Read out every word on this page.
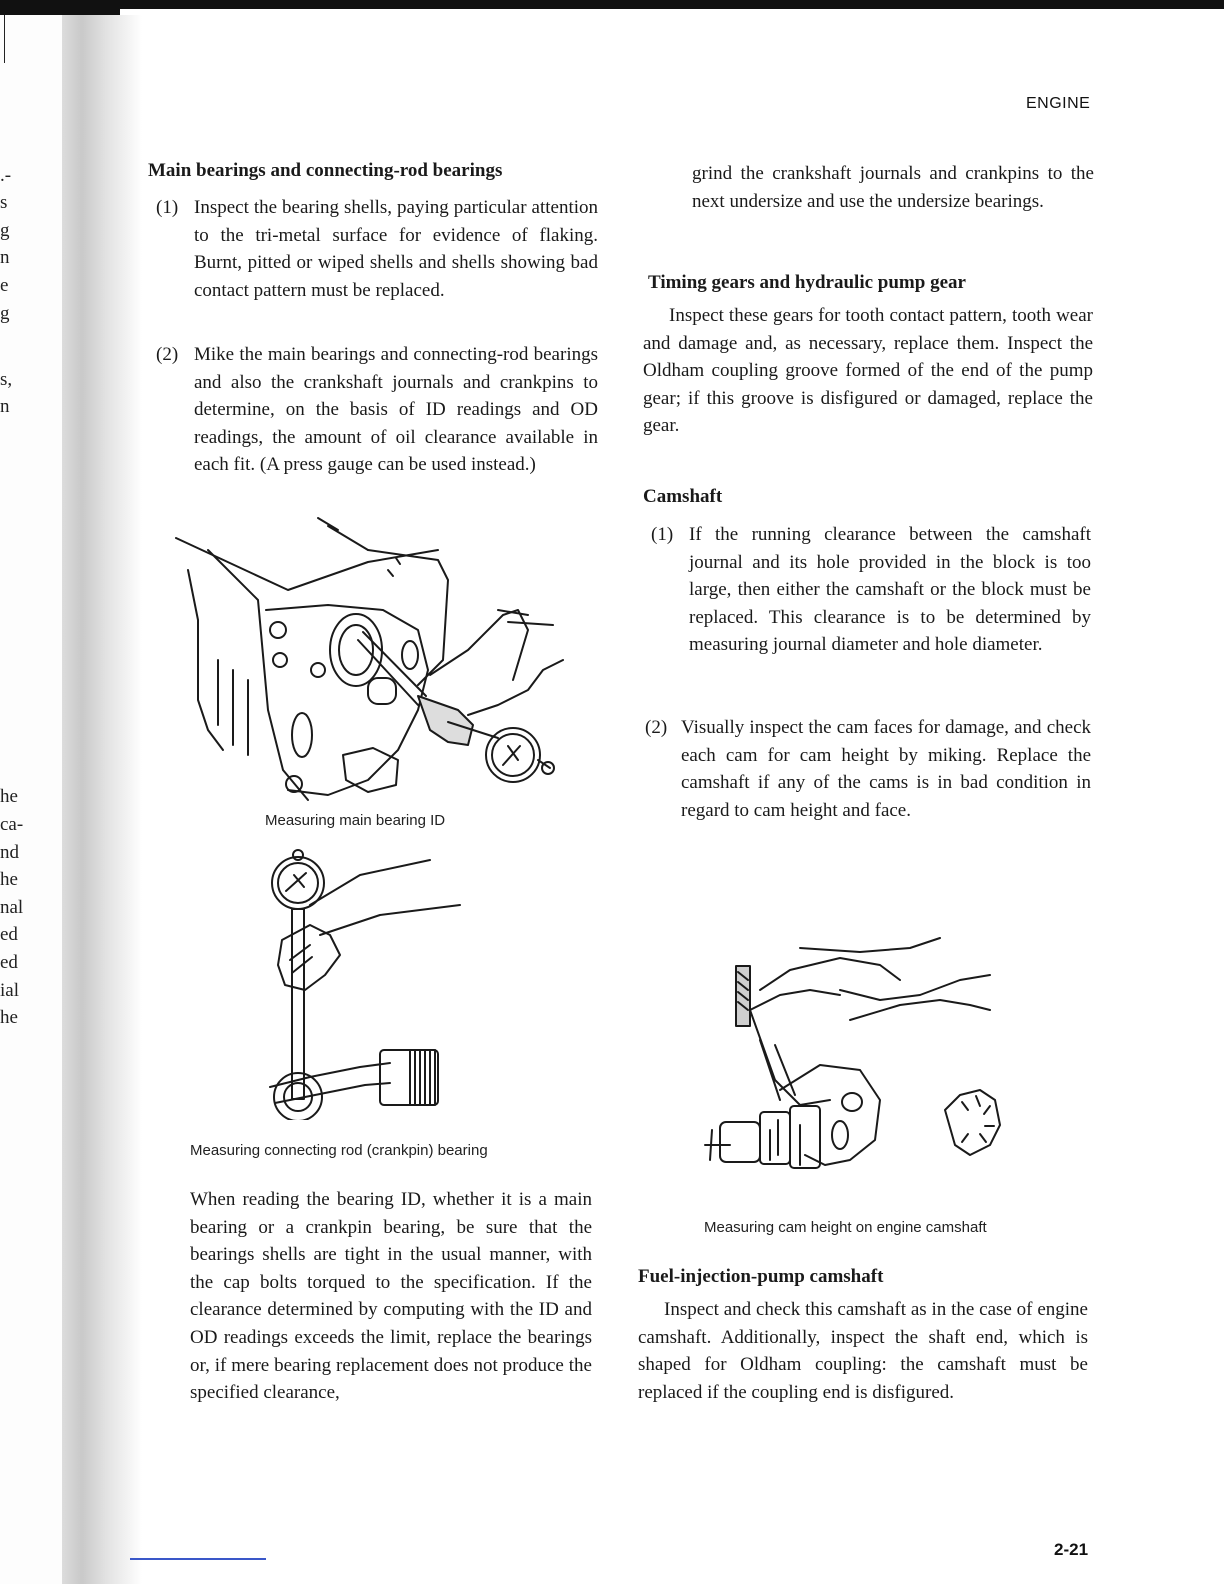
.-
s
g
n
e
g
s,
n
he
ca-
nd
he
nal
ed
ed
ial
he
ENGINE
Main bearings and connecting-rod bearings
(1) Inspect the bearing shells, paying particular attention to the tri-metal surface for evidence of flaking. Burnt, pitted or wiped shells and shells showing bad contact pattern must be replaced.
(2) Mike the main bearings and connecting-rod bearings and also the crankshaft journals and crankpins to determine, on the basis of ID readings and OD readings, the amount of oil clearance available in each fit. (A press gauge can be used instead.)
Measuring main bearing ID
Measuring connecting rod (crankpin) bearing

When reading the bearing ID, whether it is a main bearing or a crankpin bearing, be sure that the bearings shells are tight in the usual manner, with the cap bolts torqued to the specification. If the clearance determined by computing with the ID and OD readings exceeds the limit, replace the bearings or, if mere bearing replacement does not produce the specified clearance,

grind the crankshaft journals and crankpins to the next undersize and use the undersize bearings.

Timing gears and hydraulic pump gear

Inspect these gears for tooth contact pattern, tooth wear and damage and, as necessary, replace them. Inspect the Oldham coupling groove formed of the end of the pump gear; if this groove is disfigured or damaged, replace the gear.

Camshaft
(1) If the running clearance between the camshaft journal and its hole provided in the block is too large, then either the camshaft or the block must be replaced. This clearance is to be determined by measuring journal diameter and hole diameter.
(2) Visually inspect the cam faces for damage, and check each cam for cam height by miking. Replace the camshaft if any of the cams is in bad condition in regard to cam height and face.
Measuring cam height on engine camshaft
Fuel-injection-pump camshaft

Inspect and check this camshaft as in the case of engine camshaft. Additionally, inspect the shaft end, which is shaped for Oldham coupling: the camshaft must be replaced if the coupling end is disfigured.

2-21
